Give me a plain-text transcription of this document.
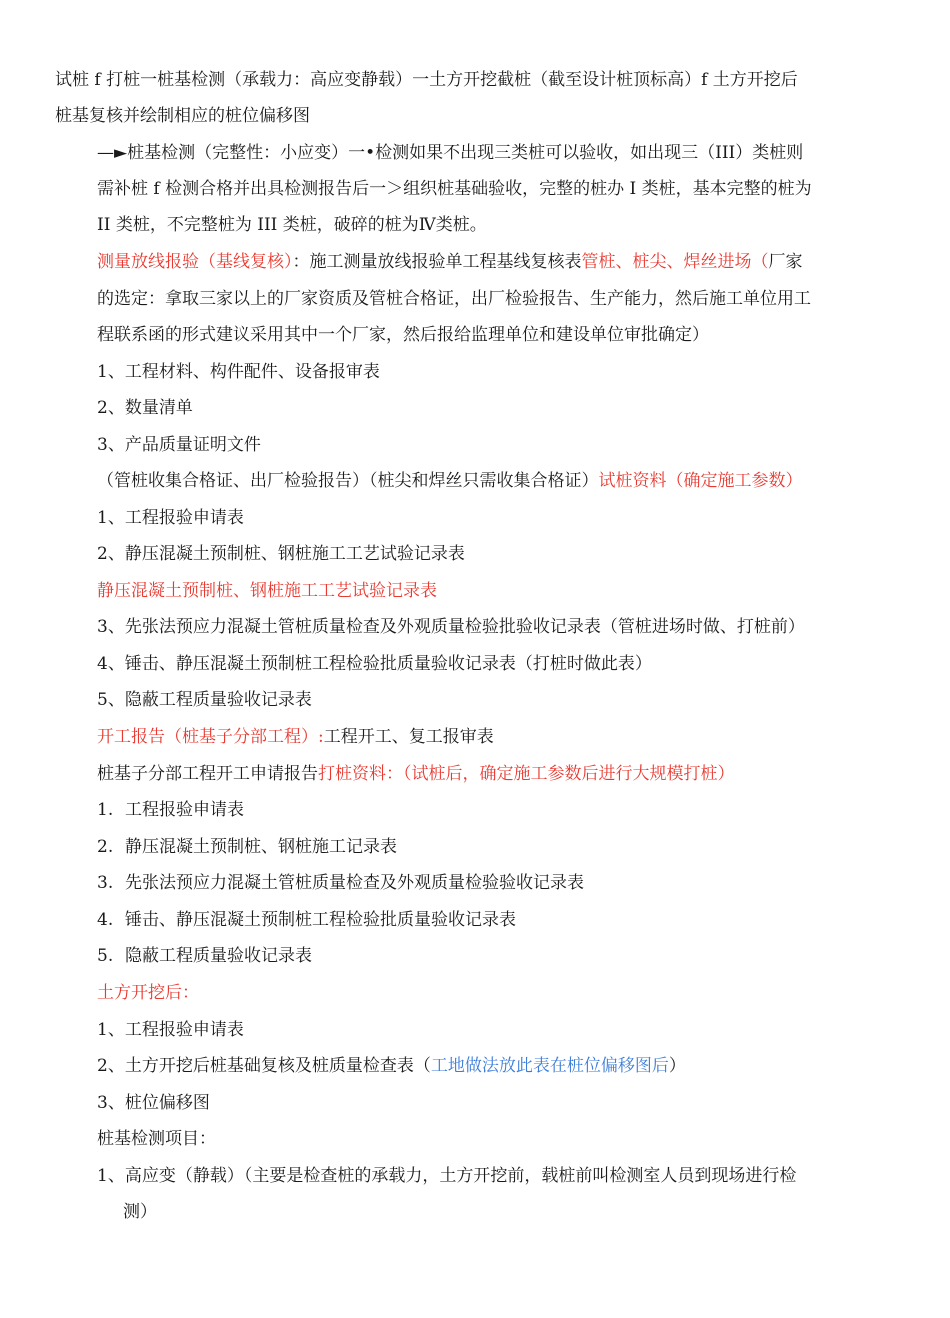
试桩 f 打桩一桩基检测（承载力：高应变静载）一土方开挖截桩（截至设计桩顶标高）f 土方开挖后
桩基复核并绘制相应的桩位偏移图
—►桩基检测（完整性：小应变）一•检测如果不出现三类桩可以验收，如出现三（III）类桩则
需补桩 f 检测合格并出具检测报告后一＞组织桩基础验收，完整的桩办 I 类桩，基本完整的桩为
II 类桩，不完整桩为 III 类桩，破碎的桩为Ⅳ类桩。
测量放线报验（基线复核）：施工测量放线报验单工程基线复核表管桩、桩尖、焊丝进场（厂家
的选定：拿取三家以上的厂家资质及管桩合格证，出厂检验报告、生产能力，然后施工单位用工
程联系函的形式建议采用其中一个厂家，然后报给监理单位和建设单位审批确定）
1、工程材料、构件配件、设备报审表
2、数量清单
3、产品质量证明文件
（管桩收集合格证、出厂检验报告）（桩尖和焊丝只需收集合格证）试桩资料（确定施工参数）
1、工程报验申请表
2、静压混凝土预制桩、钢桩施工工艺试验记录表
静压混凝土预制桩、钢桩施工工艺试验记录表
3、先张法预应力混凝土管桩质量检查及外观质量检验批验收记录表（管桩进场时做、打桩前）
4、锤击、静压混凝土预制桩工程检验批质量验收记录表（打桩时做此表）
5、隐蔽工程质量验收记录表
开工报告（桩基子分部工程）:工程开工、复工报审表
桩基子分部工程开工申请报告打桩资料：（试桩后，确定施工参数后进行大规模打桩）
1. 工程报验申请表
2. 静压混凝土预制桩、钢桩施工记录表
3. 先张法预应力混凝土管桩质量检查及外观质量检验验收记录表
4. 锤击、静压混凝土预制桩工程检验批质量验收记录表
5. 隐蔽工程质量验收记录表
土方开挖后：
1、工程报验申请表
2、土方开挖后桩基础复核及桩质量检查表（工地做法放此表在桩位偏移图后）
3、桩位偏移图
桩基检测项目：
1、高应变（静载）（主要是检查桩的承载力，土方开挖前，载桩前叫检测室人员到现场进行检
测）
